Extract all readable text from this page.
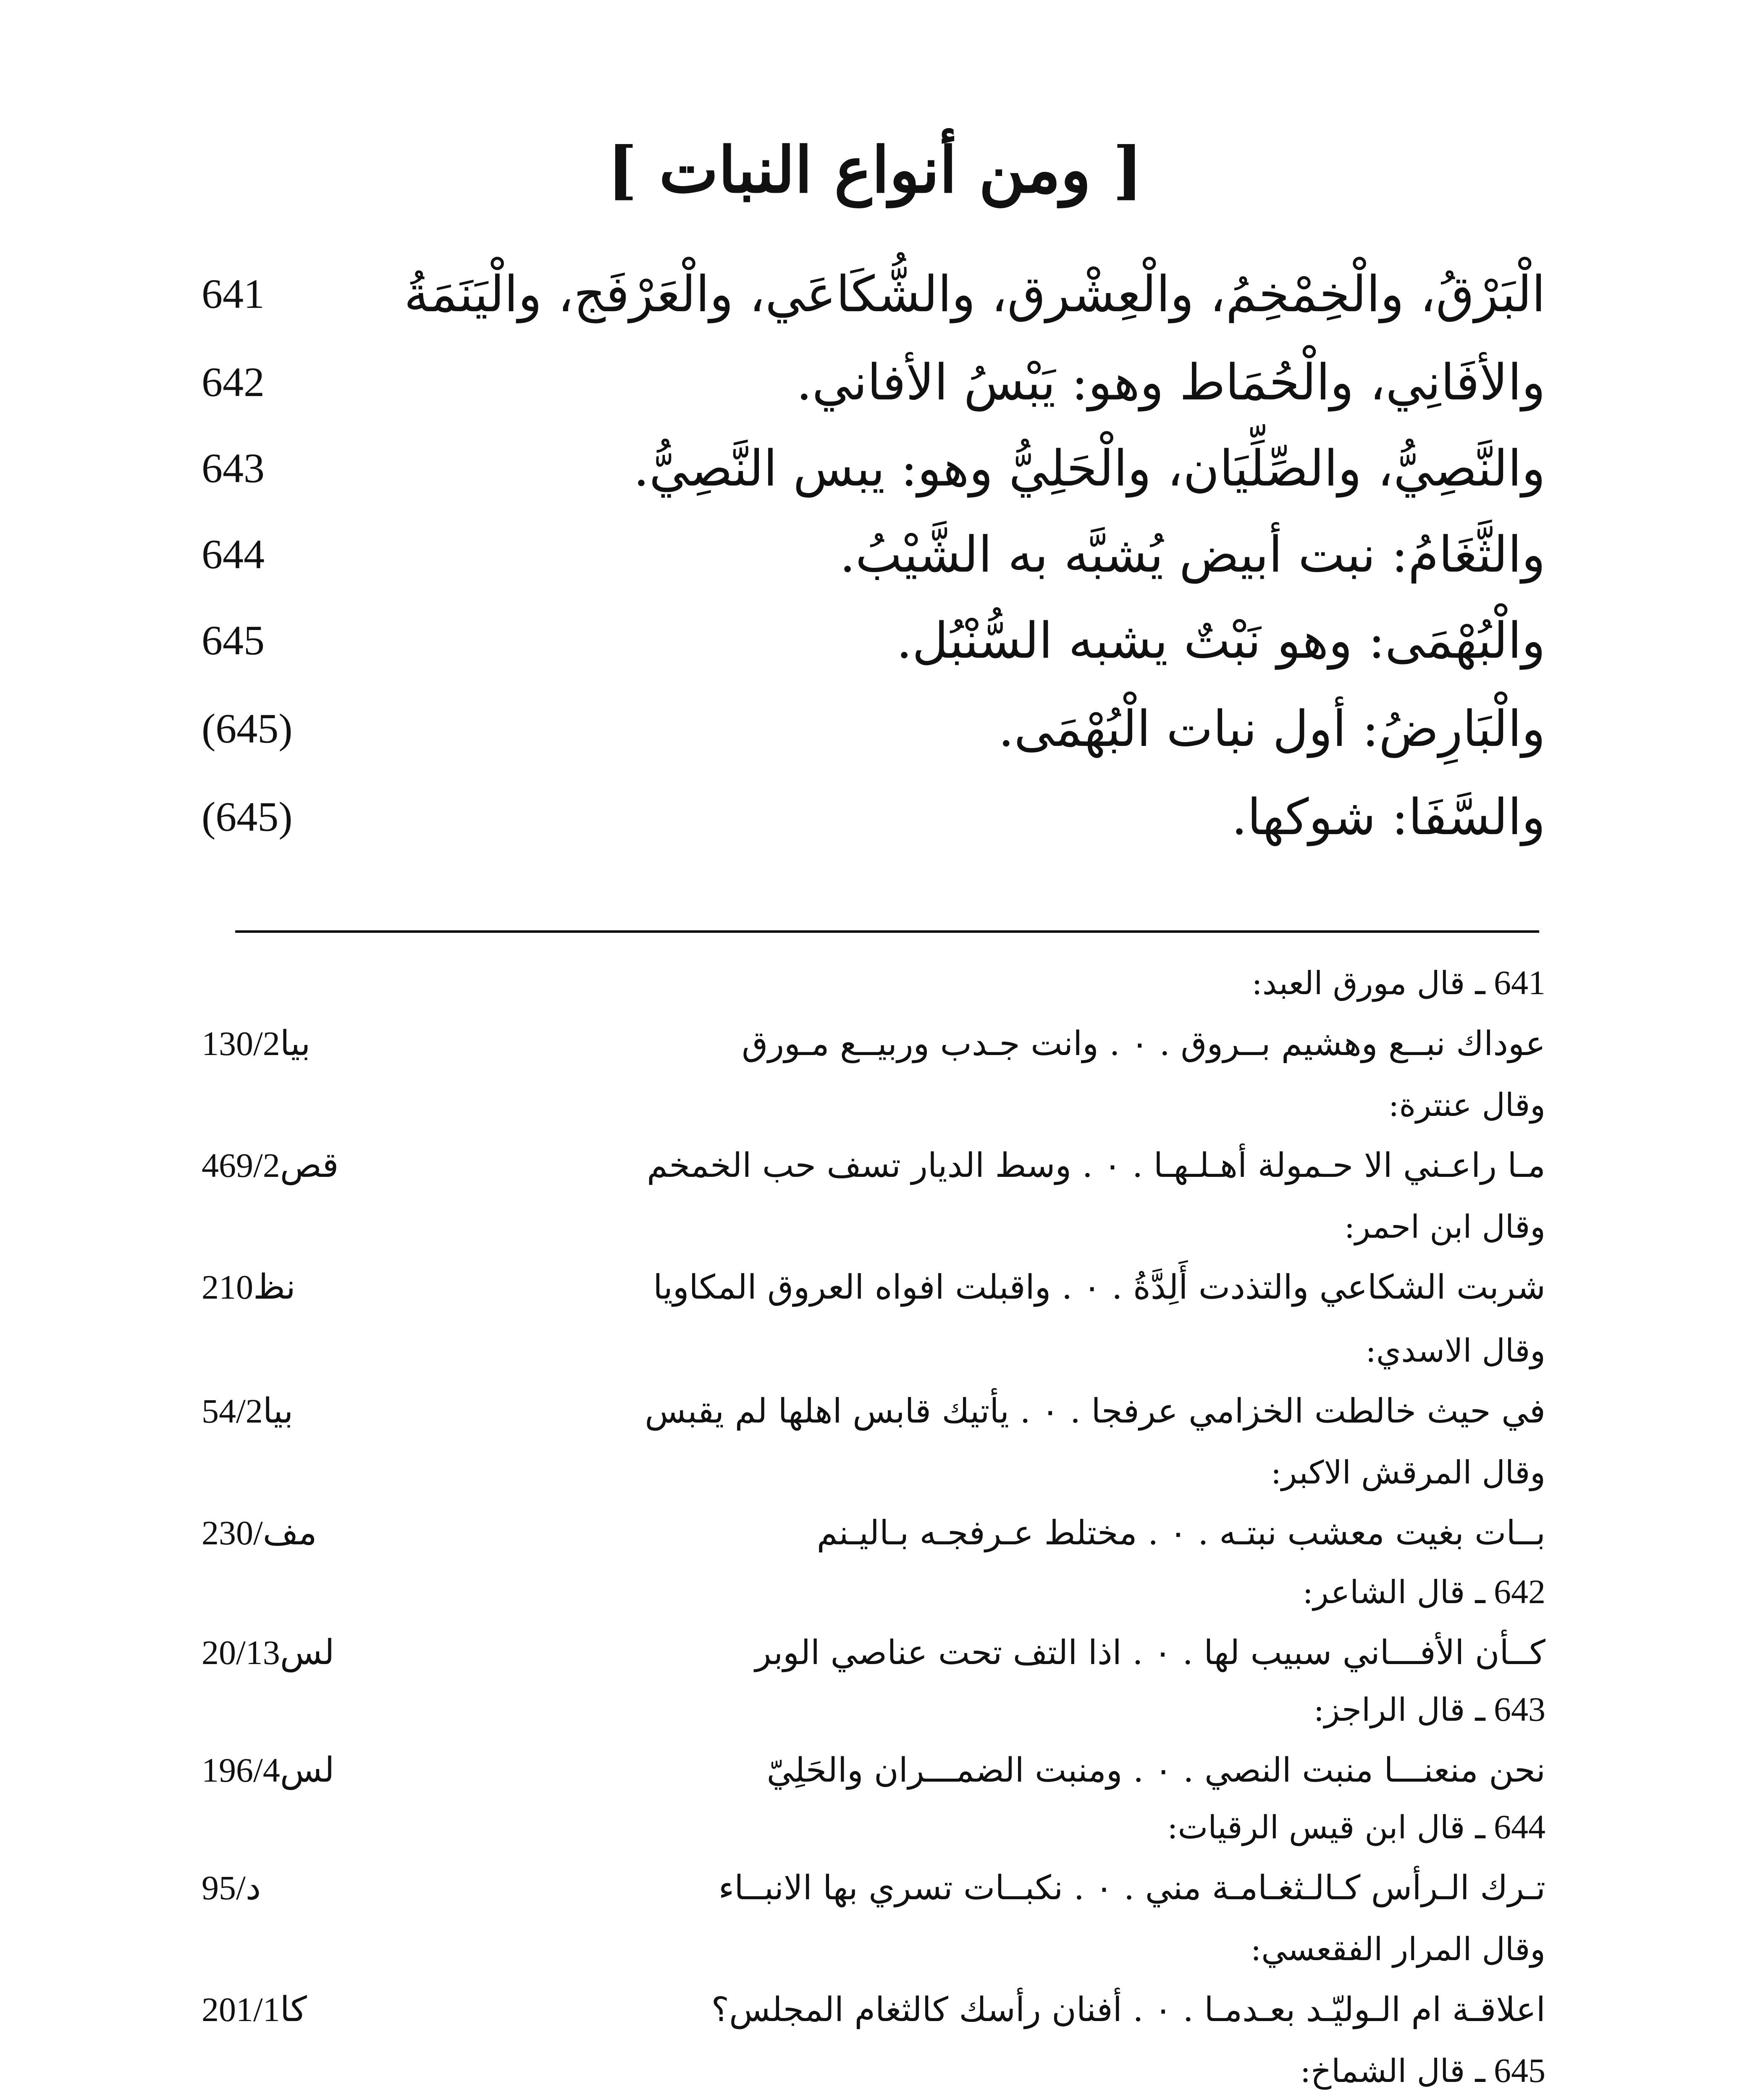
[ ومن أنواع النبات ]
الْبَرْقُ، والْخِمْخِمُ، والْعِشْرق، والشُّكَاعَي، والْعَرْفَج، والْيَنَمَةُ
641
والأفَانِي، والْحُمَاط وهو: يَبْسُ الأفاني.
642
والنَّصِيُّ، والصِّلِّيَان، والْحَلِيُّ وهو: يبس النَّصِيُّ.
643
والثَّغَامُ: نبت أبيض يُشبَّه به الشَّيْبُ.
644
والْبُهْمَى: وهو نَبْتٌ يشبه السُّنْبُل.
645
والْبَارِضُ: أول نبات الْبُهْمَى.
(645)
والسَّفَا: شوكها.
(645)
641 ـ قال مورق العبد:
عوداك نبــع وهشيم بــروق . ٠ . وانت جـدب وربيــع مـورق
130/2بيا
وقال عنترة:
مـا راعـني الا حـمولة أهـلـهـا . ٠ . وسط الديار تسف حب الخمخم
469/2قص
وقال ابن احمر:
شربت الشكاعي والتذدت أَلِدَّةُ . ٠ . واقبلت افواه العروق المكاويا
210نظ
وقال الاسدي:
في حيث خالطت الخزامي عرفجا . ٠ . يأتيك قابس اهلها لم يقبس
54/2بيا
وقال المرقش الاكبر:
بــات بغيت معشب نبتـه . ٠ . مختلط عـرفجـه بـاليـنم
230/مف
642 ـ قال الشاعر:
كــأن الأفـــاني سبيب لها . ٠ . اذا التف تحت عناصي الوبر
20/13لس
643 ـ قال الراجز:
نحن منعنـــا منبت النصي . ٠ . ومنبت الضمـــران والحَلِيّ
196/4لس
644 ـ قال ابن قيس الرقيات:
تـرك الـرأس كـالـثغـامـة مني . ٠ . نكبــات تسري بها الانبــاء
95/د
وقال المرار الفقعسي:
اعلاقـة ام الـوليّـد بعـدمـا . ٠ . أفنان رأسك كالثغام المجلس؟
201/1كا
645 ـ قال الشماخ:
